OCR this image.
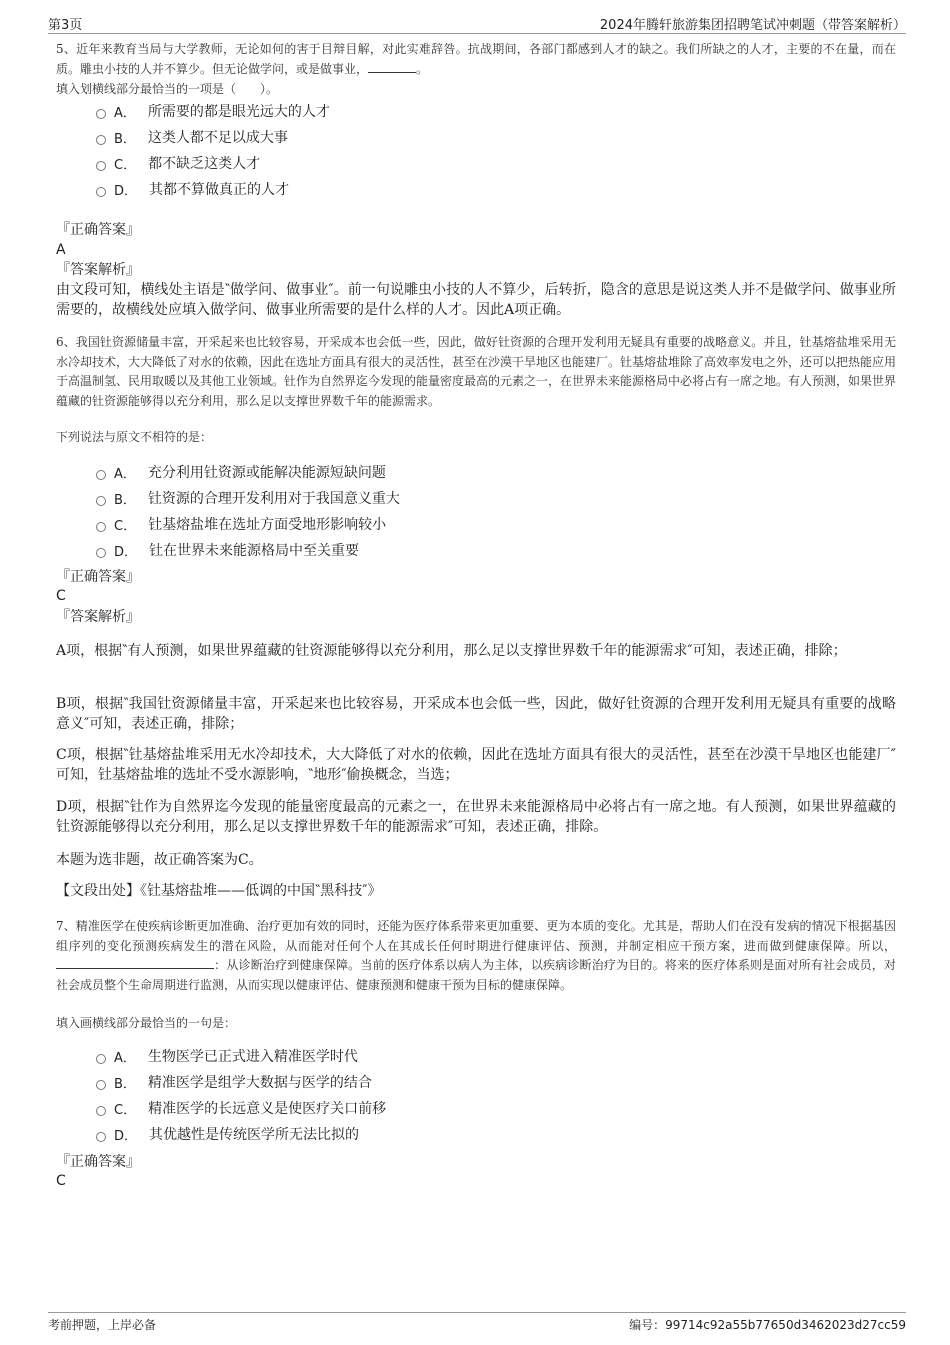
第3页	2024年腾轩旅游集团招聘笔试冲刺题（带答案解析）
5、近年来教育当局与大学教师，无论如何的害于目辩目解，对此实难辞咎。抗战期间，各部门都感到人才的缺之。我们所缺之的人才，主要的不在量，而在质。雕虫小技的人并不算少。但无论做学问，或是做事业，	。
填入划横线部分最恰当的一项是（　　）。
A． 所需要的都是眼光远大的人才
B． 这类人都不足以成大事
C． 都不缺乏这类人才
D． 其都不算做真正的人才
『正确答案』
A
『答案解析』
由文段可知，横线处主语是‶做学问、做事业″。前一句说雕虫小技的人不算少，后转折，隐含的意思是说这类人并不是做学问、做事业所需要的，故横线处应填入做学问、做事业所需要的是什么样的人才。因此A项正确。
6、我国钍资源储量丰富，开采起来也比较容易，开采成本也会低一些，因此，做好钍资源的合理开发利用无疑具有重要的战略意义。并且，钍基熔盐堆采用无水冷却技术，大大降低了对水的依赖，因此在选址方面具有很大的灵活性，甚至在沙漠干旱地区也能建厂。钍基熔盐堆除了高效率发电之外，还可以把热能应用于高温制氢、民用取暖以及其他工业领域。钍作为自然界迄今发现的能量密度最高的元素之一，在世界未来能源格局中必将占有一席之地。有人预测，如果世界蕴藏的钍资源能够得以充分利用，那么足以支撑世界数千年的能源需求。
下列说法与原文不相符的是：
A． 充分利用钍资源或能解决能源短缺问题
B． 钍资源的合理开发利用对于我国意义重大
C． 钍基熔盐堆在选址方面受地形影响较小
D． 钍在世界未来能源格局中至关重要
『正确答案』
C
『答案解析』
A项，根据‶有人预测，如果世界蕴藏的钍资源能够得以充分利用，那么足以支撑世界数千年的能源需求″可知，表述正确，排除；
B项，根据‶我国钍资源储量丰富，开采起来也比较容易，开采成本也会低一些，因此，做好钍资源的合理开发利用无疑具有重要的战略意义″可知，表述正确，排除；
C项，根据‶钍基熔盐堆采用无水冷却技术，大大降低了对水的依赖，因此在选址方面具有很大的灵活性，甚至在沙漠干旱地区也能建厂″可知，钍基熔盐堆的选址不受水源影响，‶地形″偷换概念，当选；
D项，根据‶钍作为自然界迄今发现的能量密度最高的元素之一，在世界未来能源格局中必将占有一席之地。有人预测，如果世界蕴藏的钍资源能够得以充分利用，那么足以支撑世界数千年的能源需求″可知，表述正确，排除。
本题为选非题，故正确答案为C。
【文段出处】《钍基熔盐堆——低调的中国‶黑科技″》
7、精准医学在使疾病诊断更加准确、治疗更加有效的同时，还能为医疗体系带来更加重要、更为本质的变化。尤其是，帮助人们在没有发病的情况下根据基因组序列的变化预测疾病发生的潜在风险，从而能对任何个人在其成长任何时期进行健康评估、预测，并制定相应干预方案，进而做到健康保障。所以，：从诊断治疗到健康保障。当前的医疗体系以病人为主体，以疾病诊断治疗为目的。将来的医疗体系则是面对所有社会成员，对社会成员整个生命周期进行监测，从而实现以健康评估、健康预测和健康干预为目标的健康保障。
填入画横线部分最恰当的一句是：
A． 生物医学已正式进入精准医学时代
B． 精准医学是组学大数据与医学的结合
C． 精准医学的长远意义是使医疗关口前移
D． 其优越性是传统医学所无法比拟的
『正确答案』
C
考前押题，上岸必备	编号：99714c92a55b77650d3462023d27cc59
